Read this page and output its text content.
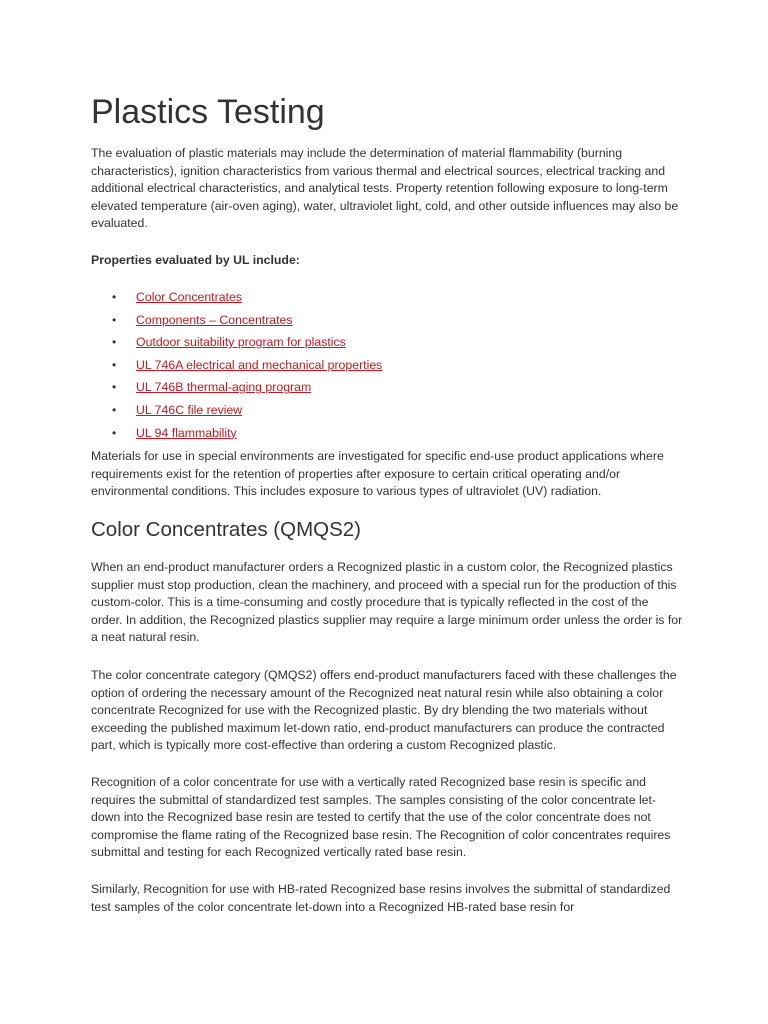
Plastics Testing

The evaluation of plastic materials may include the determination of material flammability (burning characteristics), ignition characteristics from various thermal and electrical sources, electrical tracking and additional electrical characteristics, and analytical tests. Property retention following exposure to long-term elevated temperature (air-oven aging), water, ultraviolet light, cold, and other outside influences may also be evaluated.

Properties evaluated by UL include:

• Color Concentrates
• Components – Concentrates
• Outdoor suitability program for plastics
• UL 746A electrical and mechanical properties
• UL 746B thermal-aging program
• UL 746C file review
• UL 94 flammability

Materials for use in special environments are investigated for specific end-use product applications where requirements exist for the retention of properties after exposure to certain critical operating and/or environmental conditions. This includes exposure to various types of ultraviolet (UV) radiation.

Color Concentrates (QMQS2)

When an end-product manufacturer orders a Recognized plastic in a custom color, the Recognized plastics supplier must stop production, clean the machinery, and proceed with a special run for the production of this custom-color. This is a time-consuming and costly procedure that is typically reflected in the cost of the order. In addition, the Recognized plastics supplier may require a large minimum order unless the order is for a neat natural resin.

The color concentrate category (QMQS2) offers end-product manufacturers faced with these challenges the option of ordering the necessary amount of the Recognized neat natural resin while also obtaining a color concentrate Recognized for use with the Recognized plastic. By dry blending the two materials without exceeding the published maximum let-down ratio, end-product manufacturers can produce the contracted part, which is typically more cost-effective than ordering a custom Recognized plastic.

Recognition of a color concentrate for use with a vertically rated Recognized base resin is specific and requires the submittal of standardized test samples. The samples consisting of the color concentrate let-down into the Recognized base resin are tested to certify that the use of the color concentrate does not compromise the flame rating of the Recognized base resin. The Recognition of color concentrates requires submittal and testing for each Recognized vertically rated base resin.

Similarly, Recognition for use with HB-rated Recognized base resins involves the submittal of standardized test samples of the color concentrate let-down into a Recognized HB-rated base resin for
